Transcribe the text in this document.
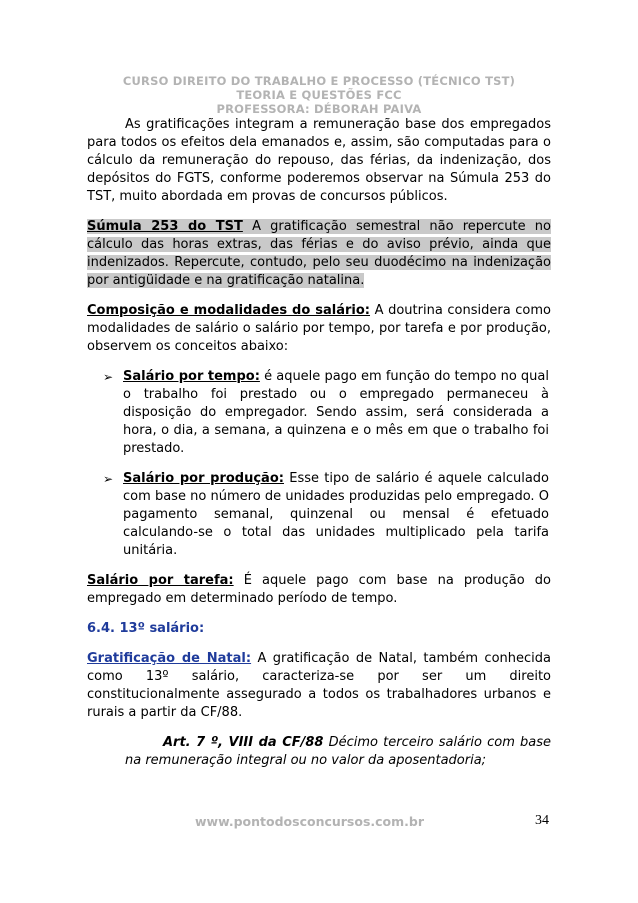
CURSO DIREITO DO TRABALHO E PROCESSO (TÉCNICO TST)
TEORIA E QUESTÕES FCC
PROFESSORA: DÉBORAH PAIVA

As gratificações integram a remuneração base dos empregados para todos os efeitos dela emanados e, assim, são computadas para o cálculo da remuneração do repouso, das férias, da indenização, dos depósitos do FGTS, conforme poderemos observar na Súmula 253 do TST, muito abordada em provas de concursos públicos.

Súmula 253 do TST A gratificação semestral não repercute no cálculo das horas extras, das férias e do aviso prévio, ainda que indenizados. Repercute, contudo, pelo seu duodécimo na indenização por antigüidade e na gratificação natalina.

Composição e modalidades do salário: A doutrina considera como modalidades de salário o salário por tempo, por tarefa e por produção, observem os conceitos abaixo:

➢ Salário por tempo: é aquele pago em função do tempo no qual o trabalho foi prestado ou o empregado permaneceu à disposição do empregador. Sendo assim, será considerada a hora, o dia, a semana, a quinzena e o mês em que o trabalho foi prestado.
➢ Salário por produção: Esse tipo de salário é aquele calculado com base no número de unidades produzidas pelo empregado. O pagamento semanal, quinzenal ou mensal é efetuado calculando-se o total das unidades multiplicado pela tarifa unitária.

Salário por tarefa: É aquele pago com base na produção do empregado em determinado período de tempo.

6.4. 13º salário:

Gratificação de Natal: A gratificação de Natal, também conhecida como 13º salário, caracteriza-se por ser um direito constitucionalmente assegurado a todos os trabalhadores urbanos e rurais a partir da CF/88.

Art. 7 º, VIII da CF/88 Décimo terceiro salário com base na remuneração integral ou no valor da aposentadoria;

www.pontodosconcursos.com.br	34
